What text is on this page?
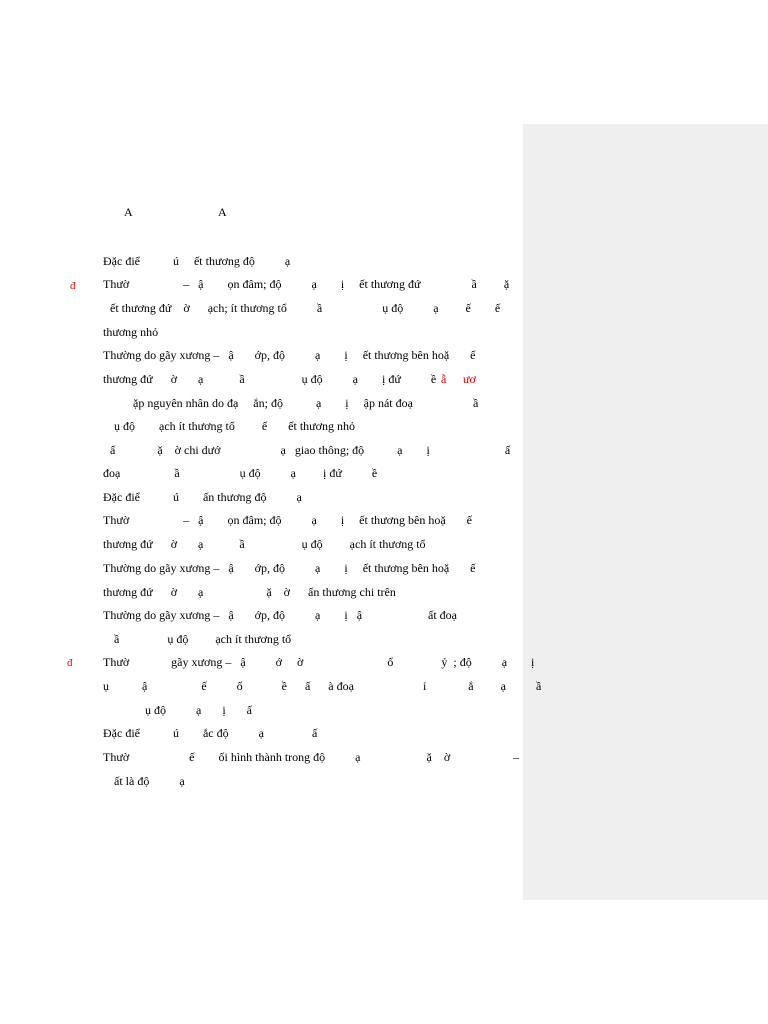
A	A
đ
đ
Đặc điể           ú     ết thương độ          ạ
Thườ                  –   ậ        ọn đâm; độ          ạ        ị     ết thương đứ                 ầ         ặ
ết thương đứ    ờ      ạch; ít thương tổ          ầ                    ụ độ          ạ         ế        ế
thương nhỏ
Thường do gãy xương –   ậ       ớp, độ          ạ        ị     ết thương bên hoặ       ế
thương đứ      ờ       ạ            ầ                   ụ độ          ạ        ị đứ          ề ẫ ươ
ặp nguyên nhân do đạ     ắn; độ           ạ        ị     ập nát đoạ                    ầ
ụ độ        ạch ít thương tổ         ế       ết thương nhỏ
ấ              ặ    ờ chi dướ                    ạ   giao thông; độ           ạ        ị                         ấ
đoạ                  ầ                    ụ độ          ạ         ị đứ          ề
Đặc điể           ú        ấn thương độ          ạ
Thườ                  –   ậ        ọn đâm; độ          ạ        ị     ết thương bên hoặ       ế
thương đứ      ờ       ạ            ầ                   ụ độ         ạch ít thương tổ
Thường do gãy xương –   ậ       ớp, độ          ạ        ị     ết thương bên hoặ       ế
thương đứ      ờ       ạ                     ặ    ờ      ấn thương chi trên
Thường do gãy xương –   ậ       ớp, độ          ạ        ị   ậ                      ất đoạ
ầ                ụ độ         ạch ít thương tổ
Thườ              gãy xương –   ậ          ớ     ờ                            ổ                ỷ  ; độ          ạ        ị
ụ           ậ                  ế          ố             ề      ấ      à đoạ                       ỉ              ắ         ạ          ầ
ụ độ          ạ       ị       ấ
Đặc điể           ú        ắc độ          ạ                ấ
Thườ                    ế        ối hình thành trong độ          ạ                      ặ    ờ                     –
ất là độ          ạ
